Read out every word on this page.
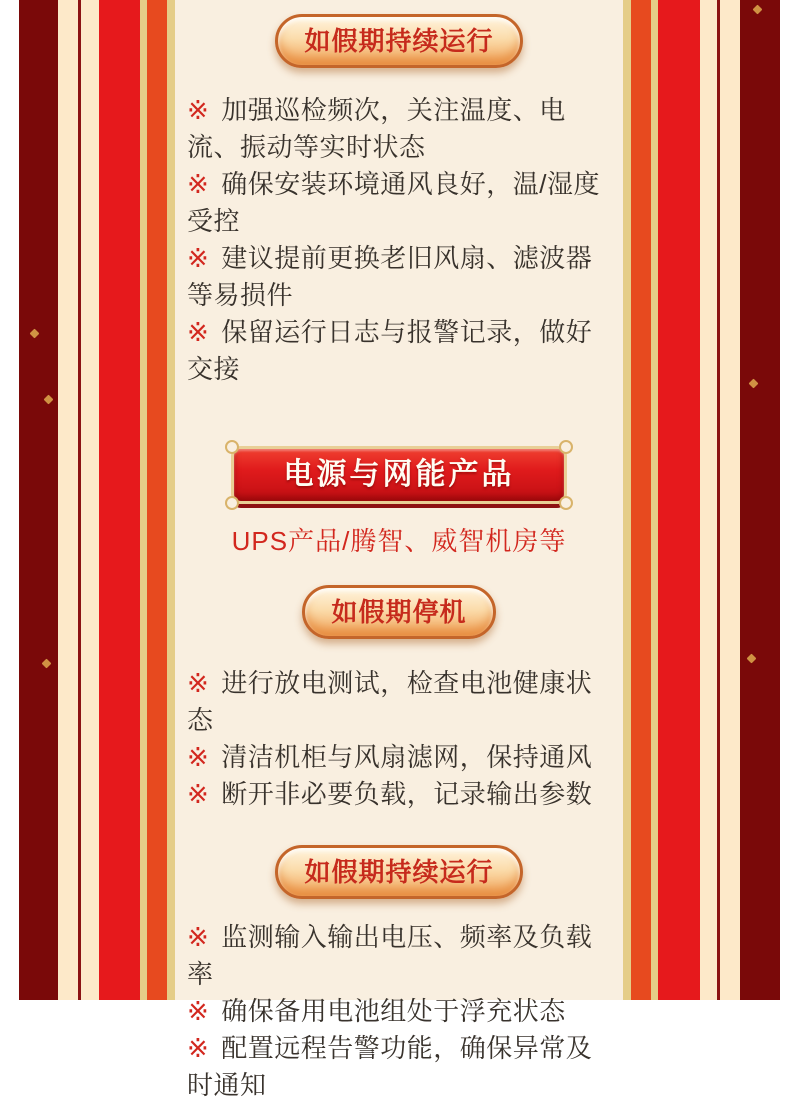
如假期持续运行

※ 加强巡检频次，关注温度、电流、振动等实时状态

※ 确保安装环境通风良好，温/湿度受控

※ 建议提前更换老旧风扇、滤波器等易损件

※ 保留运行日志与报警记录，做好交接

电源与网能产品

UPS产品/腾智、威智机房等

如假期停机

※ 进行放电测试，检查电池健康状态

※ 清洁机柜与风扇滤网，保持通风

※ 断开非必要负载，记录输出参数

如假期持续运行

※ 监测输入输出电压、频率及负载率

※ 确保备用电池组处于浮充状态

※ 配置远程告警功能，确保异常及时通知
